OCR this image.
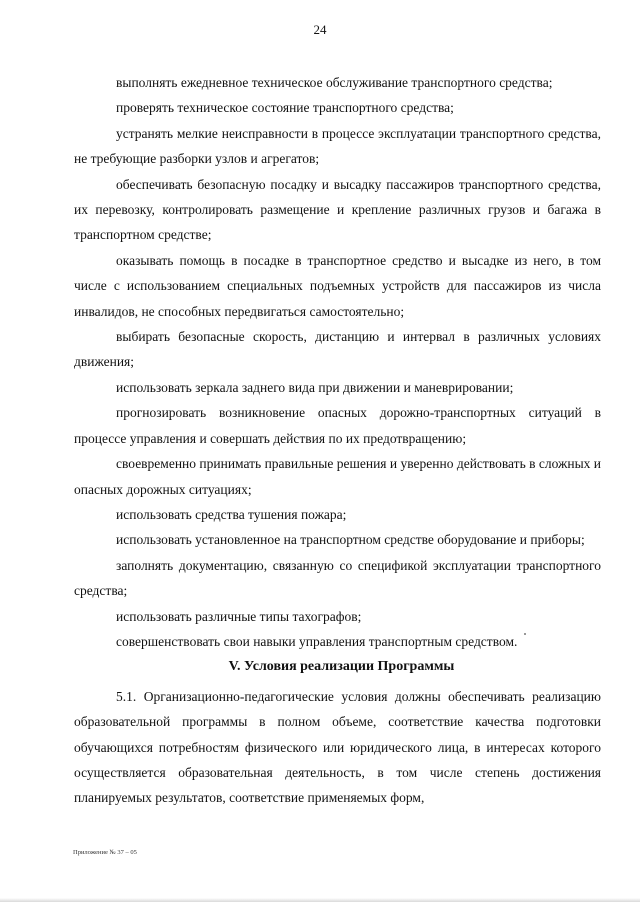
24

выполнять ежедневное техническое обслуживание транспортного средства;

проверять техническое состояние транспортного средства;

устранять мелкие неисправности в процессе эксплуатации транспортного средства, не требующие разборки узлов и агрегатов;

обеспечивать безопасную посадку и высадку пассажиров транспортного средства, их перевозку, контролировать размещение и крепление различных грузов и багажа в транспортном средстве;

оказывать помощь в посадке в транспортное средство и высадке из него, в том числе с использованием специальных подъемных устройств для пассажиров из числа инвалидов, не способных передвигаться самостоятельно;

выбирать безопасные скорость, дистанцию и интервал в различных условиях движения;

использовать зеркала заднего вида при движении и маневрировании;

прогнозировать возникновение опасных дорожно-транспортных ситуаций в процессе управления и совершать действия по их предотвращению;

своевременно принимать правильные решения и уверенно действовать в сложных и опасных дорожных ситуациях;

использовать средства тушения пожара;

использовать установленное на транспортном средстве оборудование и приборы;

заполнять документацию, связанную со спецификой эксплуатации транспортного средства;

использовать различные типы тахографов;

совершенствовать свои навыки управления транспортным средством.

V. Условия реализации Программы

5.1. Организационно-педагогические условия должны обеспечивать реализацию образовательной программы в полном объеме, соответствие качества подготовки обучающихся потребностям физического или юридического лица, в интересах которого осуществляется образовательная деятельность, в том числе степень достижения планируемых результатов, соответствие применяемых форм,

Приложение № 37 – 05
